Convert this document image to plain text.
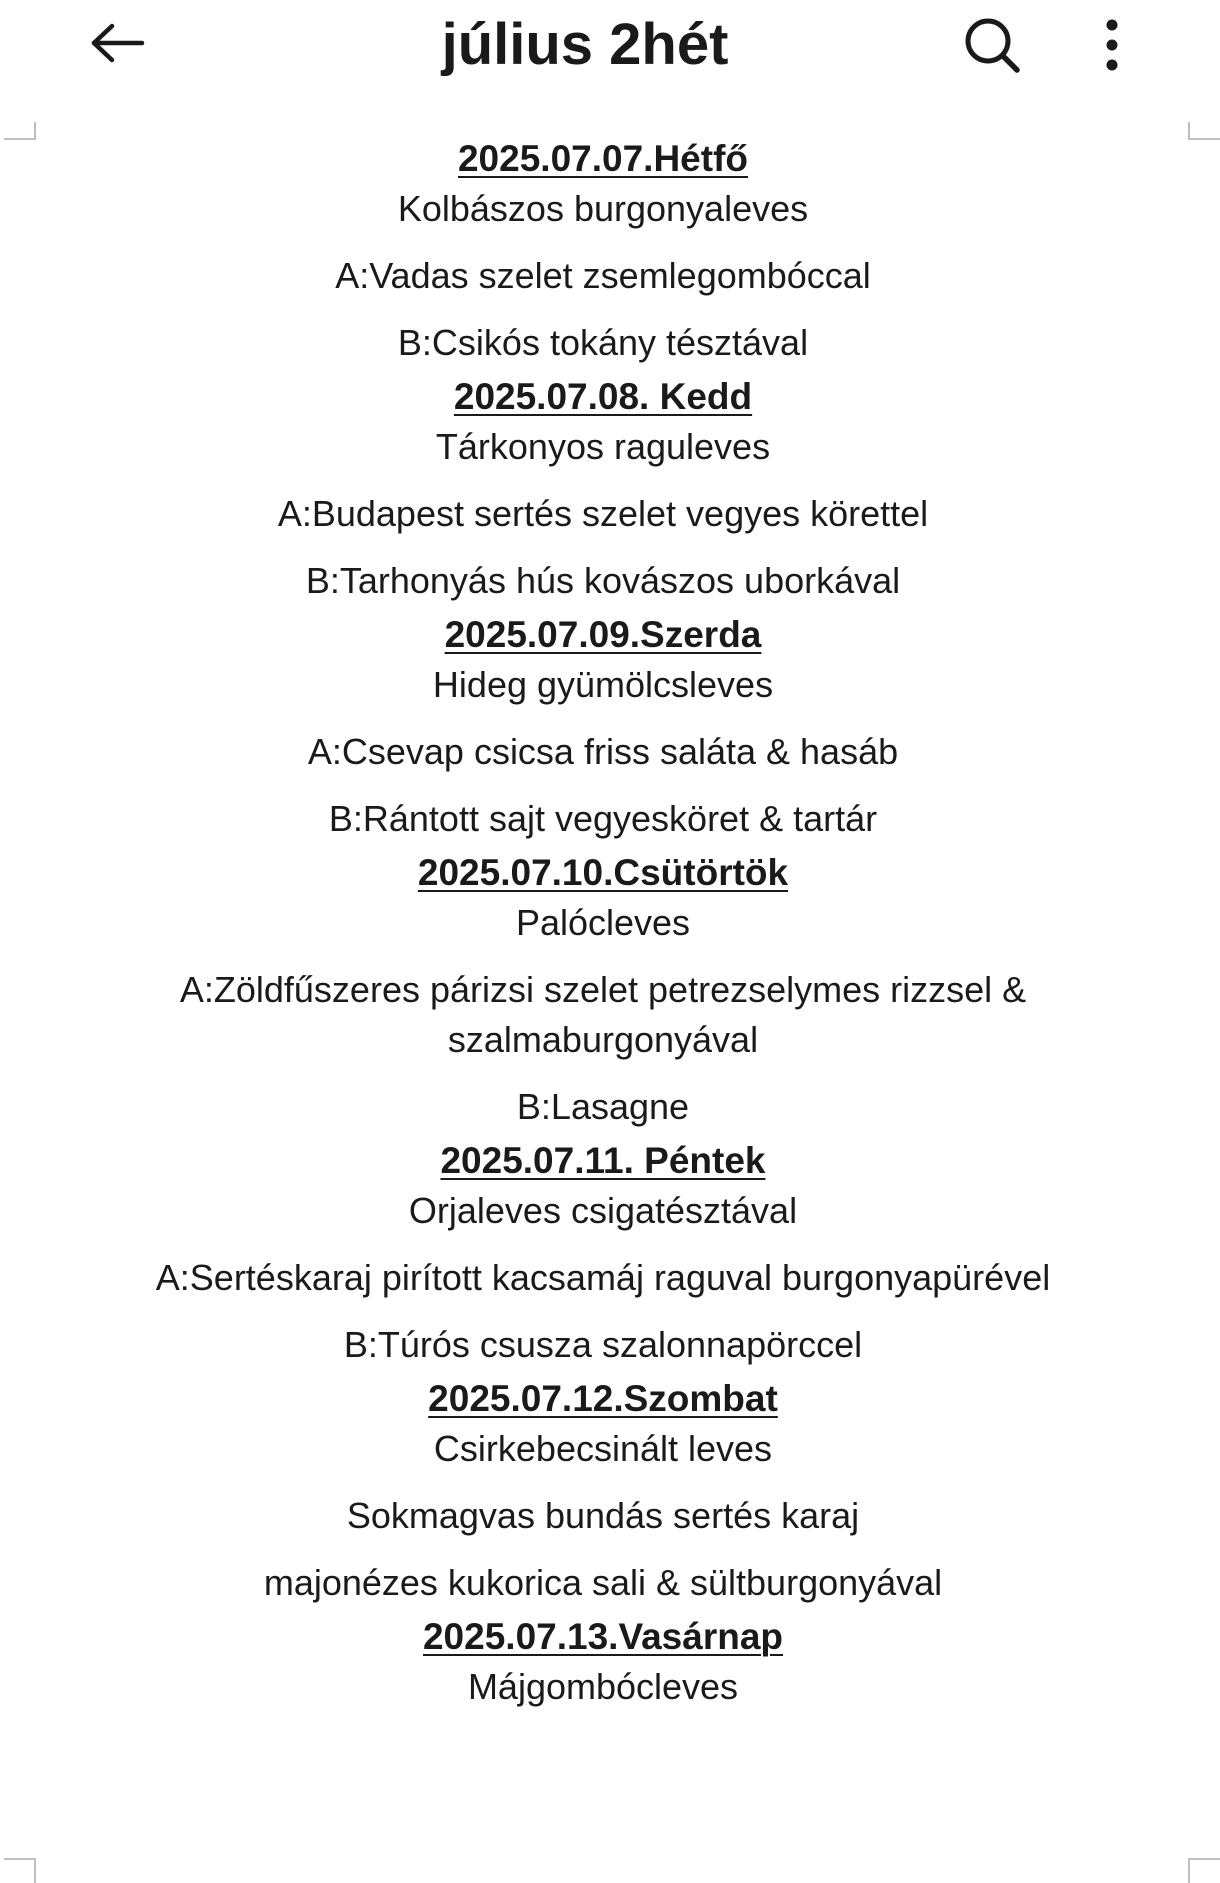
július 2hét
2025.07.07.Hétfő
Kolbászos burgonyaleves
A:Vadas szelet zsemlegombóccal
B:Csikós tokány tésztával
2025.07.08. Kedd
Tárkonyos raguleves
A:Budapest sertés szelet vegyes körettel
B:Tarhonyás hús kovászos uborkával
2025.07.09.Szerda
Hideg gyümölcsleves
A:Csevap csicsa friss saláta & hasáb
B:Rántott sajt vegyesköret & tartár
2025.07.10.Csütörtök
Palócleves
A:Zöldfűszeres párizsi szelet petrezselymes rizzsel & szalmaburgonyával
B:Lasagne
2025.07.11. Péntek
Orjaleves csigatésztával
A:Sertéskaraj pirított kacsamáj raguval burgonyapürével
B:Túrós csusza szalonnapörccel
2025.07.12.Szombat
Csirkebecsinált leves
Sokmagvas bundás sertés karaj
majonézes kukorica sali & sültburgonyával
2025.07.13.Vasárnap
Májgombócleves
